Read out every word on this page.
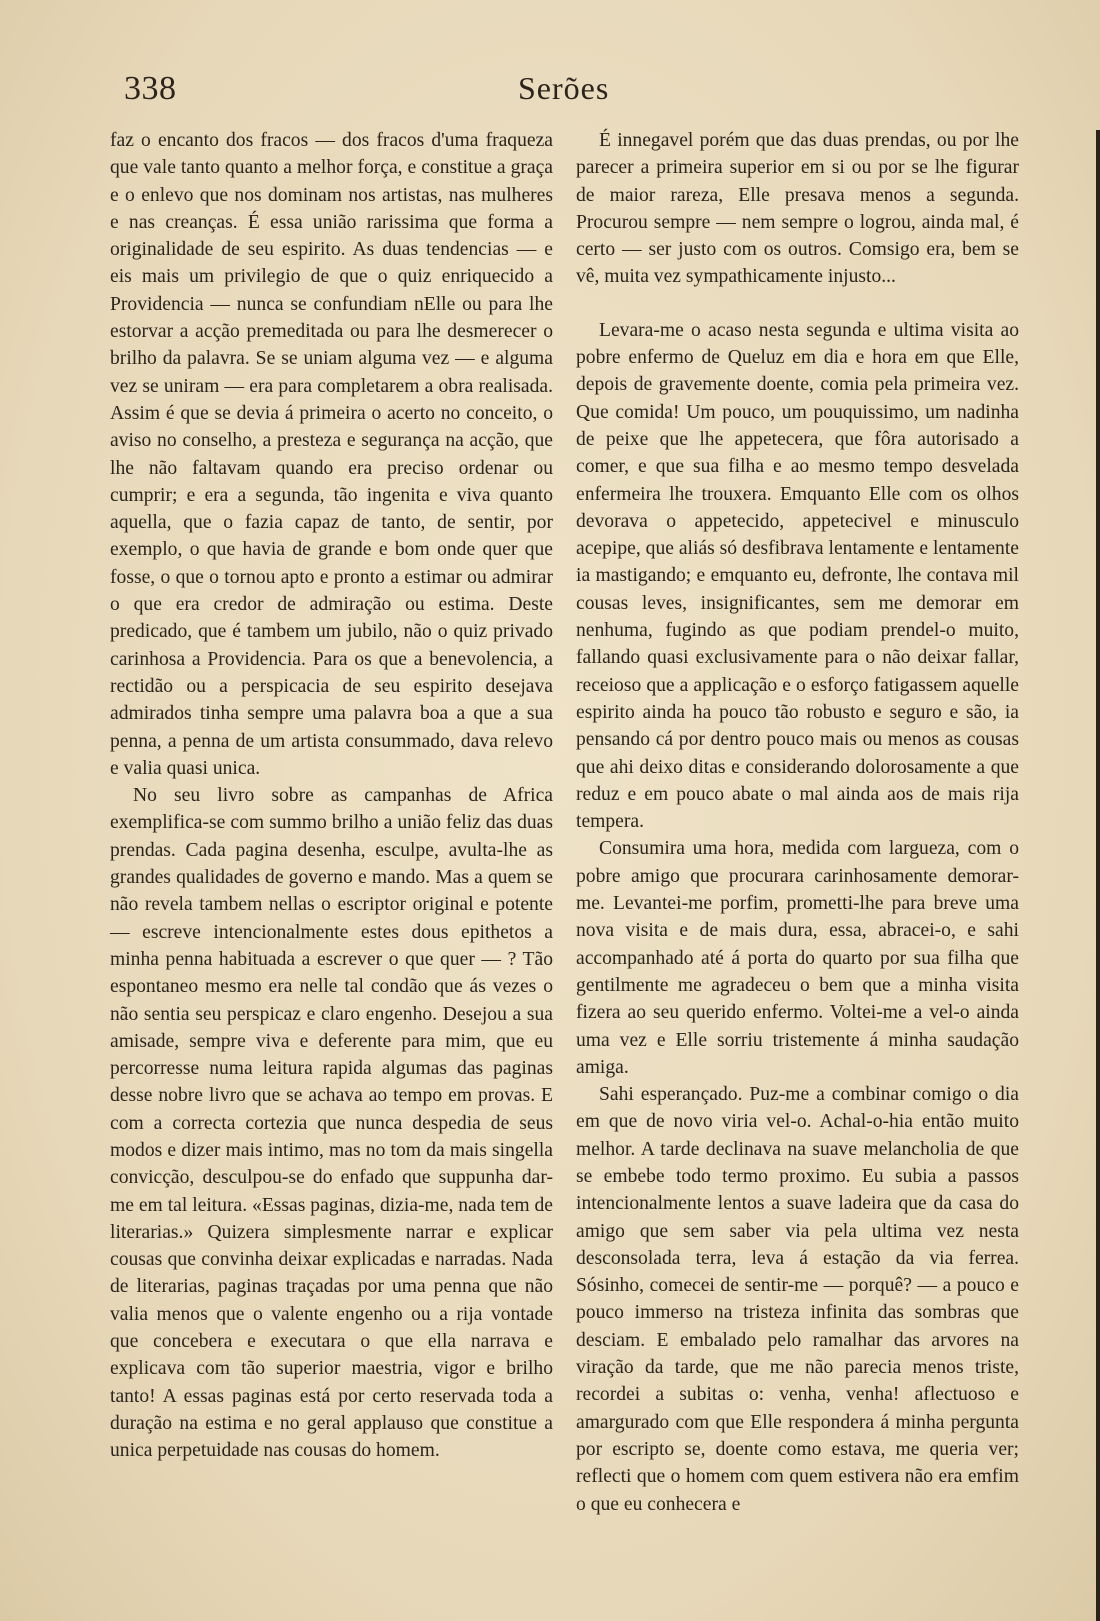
338	Serões

faz o encanto dos fracos — dos fracos d'uma fraqueza que vale tanto quanto a melhor força, e constitue a graça e o enlevo que nos dominam nos artistas, nas mulheres e nas creanças. É essa união rarissima que forma a originalidade de seu espirito. As duas tendencias — e eis mais um privilegio de que o quiz enriquecido a Providencia — nunca se confundiam nElle ou para lhe estorvar a acção premeditada ou para lhe desmerecer o brilho da palavra. Se se uniam alguma vez — e alguma vez se uniram — era para completarem a obra realisada. Assim é que se devia á primeira o acerto no conceito, o aviso no conselho, a presteza e segurança na acção, que lhe não faltavam quando era preciso ordenar ou cumprir; e era a segunda, tão ingenita e viva quanto aquella, que o fazia capaz de tanto, de sentir, por exemplo, o que havia de grande e bom onde quer que fosse, o que o tornou apto e pronto a estimar ou admirar o que era credor de admiração ou estima. Deste predicado, que é tambem um jubilo, não o quiz privado carinhosa a Providencia. Para os que a benevolencia, a rectidão ou a perspicacia de seu espirito desejava admirados tinha sempre uma palavra boa a que a sua penna, a penna de um artista consummado, dava relevo e valia quasi unica.

No seu livro sobre as campanhas de Africa exemplifica-se com summo brilho a união feliz das duas prendas. Cada pagina desenha, esculpe, avulta-lhe as grandes qualidades de governo e mando. Mas a quem se não revela tambem nellas o escriptor original e potente — escreve intencionalmente estes dous epithetos a minha penna habituada a escrever o que quer — ? Tão espontaneo mesmo era nelle tal condão que ás vezes o não sentia seu perspicaz e claro engenho. Desejou a sua amisade, sempre viva e deferente para mim, que eu percorresse numa leitura rapida algumas das paginas desse nobre livro que se achava ao tempo em provas. E com a correcta cortezia que nunca despedia de seus modos e dizer mais intimo, mas no tom da mais singella convicção, desculpou-se do enfado que suppunha dar-me em tal leitura. «Essas paginas, dizia-me, nada tem de literarias.» Quizera simplesmente narrar e explicar cousas que convinha deixar explicadas e narradas. Nada de literarias, paginas traçadas por uma penna que não valia menos que o valente engenho ou a rija vontade que concebera e executara o que ella narrava e explicava com tão superior maestria, vigor e brilho tanto! A essas paginas está por certo reservada toda a duração na estima e no geral applauso que constitue a unica perpetuidade nas cousas do homem.

É innegavel porém que das duas prendas, ou por lhe parecer a primeira superior em si ou por se lhe figurar de maior rareza, Elle presava menos a segunda. Procurou sempre — nem sempre o logrou, ainda mal, é certo — ser justo com os outros. Comsigo era, bem se vê, muita vez sympathicamente injusto...

Levara-me o acaso nesta segunda e ultima visita ao pobre enfermo de Queluz em dia e hora em que Elle, depois de gravemente doente, comia pela primeira vez. Que comida! Um pouco, um pouquissimo, um nadinha de peixe que lhe appetecera, que fôra autorisado a comer, e que sua filha e ao mesmo tempo desvelada enfermeira lhe trouxera. Emquanto Elle com os olhos devorava o appetecido, appetecivel e minusculo acepipe, que aliás só desfibrava lentamente e lentamente ia mastigando; e emquanto eu, defronte, lhe contava mil cousas leves, insignificantes, sem me demorar em nenhuma, fugindo as que podiam prendel-o muito, fallando quasi exclusivamente para o não deixar fallar, receioso que a applicação e o esforço fatigassem aquelle espirito ainda ha pouco tão robusto e seguro e são, ia pensando cá por dentro pouco mais ou menos as cousas que ahi deixo ditas e considerando dolorosamente a que reduz e em pouco abate o mal ainda aos de mais rija tempera.

Consumira uma hora, medida com largueza, com o pobre amigo que procurara carinhosamente demorar-me. Levantei-me porfim, prometti-lhe para breve uma nova visita e de mais dura, essa, abracei-o, e sahi accompanhado até á porta do quarto por sua filha que gentilmente me agradeceu o bem que a minha visita fizera ao seu querido enfermo. Voltei-me a vel-o ainda uma vez e Elle sorriu tristemente á minha saudação amiga.

Sahi esperançado. Puz-me a combinar comigo o dia em que de novo viria vel-o. Achal-o-hia então muito melhor. A tarde declinava na suave melancholia de que se embebe todo termo proximo. Eu subia a passos intencionalmente lentos a suave ladeira que da casa do amigo que sem saber via pela ultima vez nesta desconsolada terra, leva á estação da via ferrea. Sósinho, comecei de sentir-me — porquê? — a pouco e pouco immerso na tristeza infinita das sombras que desciam. E embalado pelo ramalhar das arvores na viração da tarde, que me não parecia menos triste, recordei a subitas o: venha, venha! aflectuoso e amargurado com que Elle respondera á minha pergunta por escripto se, doente como estava, me queria ver; reflecti que o homem com quem estivera não era emfim o que eu conhecera e
